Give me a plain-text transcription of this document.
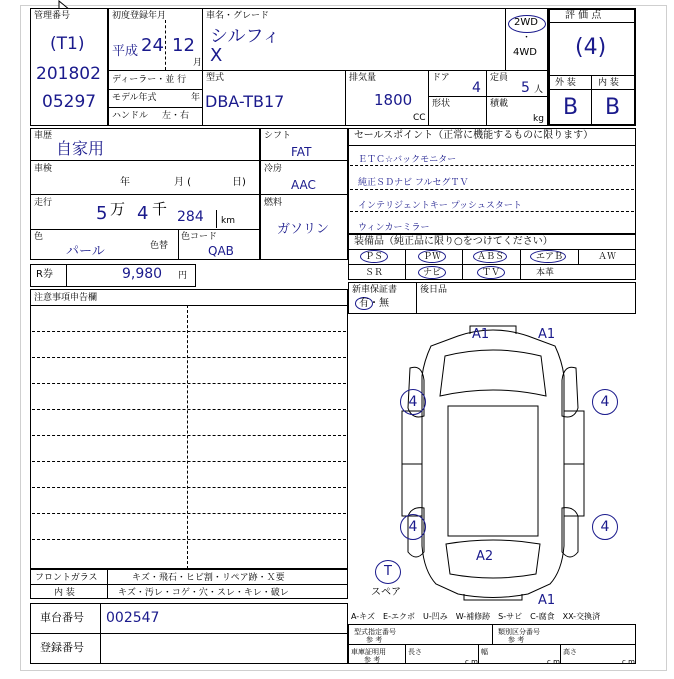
管理番号
(T1)
201802
05297
初度登録年月
平成 24 12
月
ディーラー・並 行
モデル年式	年
ハンドル 左・右
車名・グレード
シルフィ
X
2WD
・
4WD
型式
DBA-TB17
排気量
1800
CC
ドア
4
定員
5 人
形状	積載
kg
評 価 点
(4)
外 装 内 装
B B
車歴
自家用
車検
年	月 (	日)
走行 5 万 4 千 284 km
色
パール	色替
色コード
QAB
シフト
FAT
冷房
AAC
燃料
ガソリン
セールスポイント（正常に機能するものに限ります）
ＥＴＣ☆バックモニター
純正ＳＤナビ フルセグＴＶ
インテリジェントキー プッシュスタート
ウィンカーミラー
装備品（純正品に限り○をつけてください）
ＰＳ	ＰＷ	ＡＢＳ	エアＢ	ＡＷ
ＳＲ	ナビ	ＴＶ	本革
R券	9,980 円
新車保証書
有・無
後日品
注意事項申告欄
A1	A1
A1
A2
4	4
4	4
T
スペア
フロントガラス	キズ・飛石・ヒビ割・リペア跡・Ｘ要
内 装	キズ・汚レ・コゲ・穴・スレ・キレ・破レ
車台番号 002547
登録番号
A-キズ　E-エクボ　U-凹み　W-補修跡　S-サビ　C-腐食　XX-交換済
型式指定番号
参 考
類別区分番号
参 考
車庫証明用
参 考
長さ
c m
幅
c m
高さ
c m
